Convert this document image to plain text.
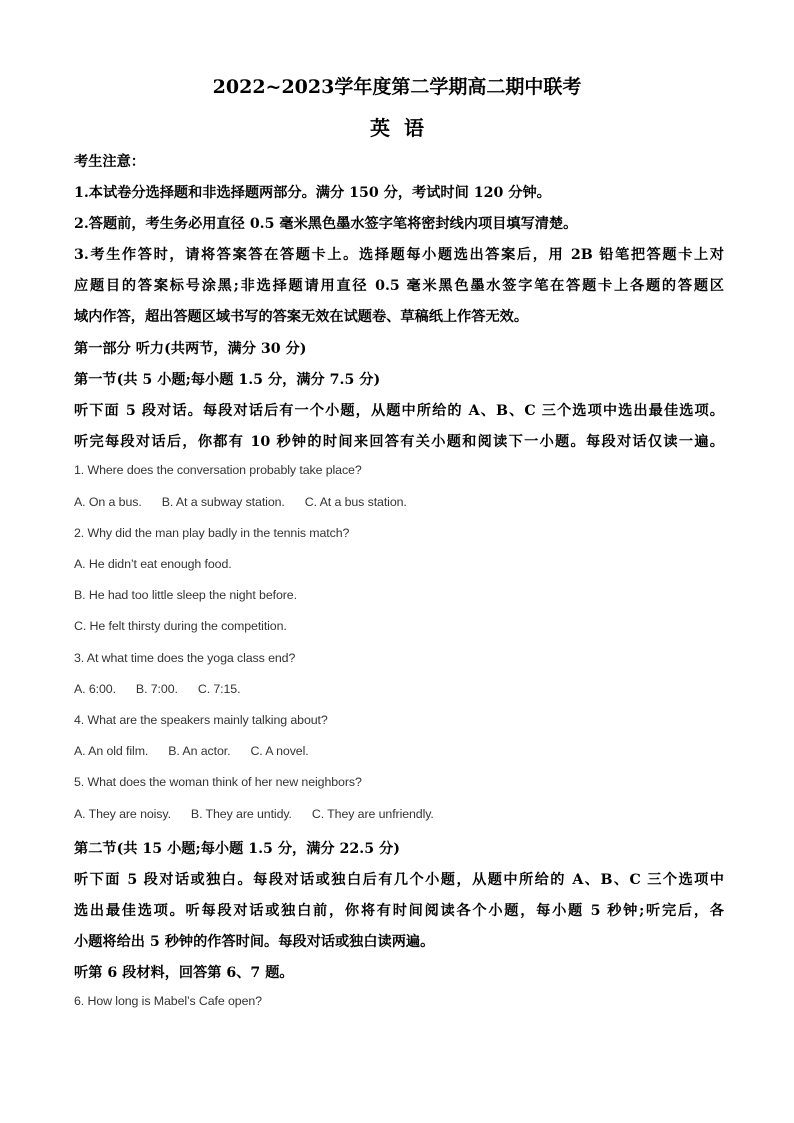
2022~2023学年度第二学期高二期中联考
英语
考生注意：
1.本试卷分选择题和非选择题两部分。满分 150 分，考试时间 120 分钟。
2.答题前，考生务必用直径 0.5 毫米黑色墨水签字笔将密封线内项目填写清楚。
3.考生作答时，请将答案答在答题卡上。选择题每小题选出答案后，用 2B 铅笔把答题卡上对
应题目的答案标号涂黑;非选择题请用直径 0.5 毫米黑色墨水签字笔在答题卡上各题的答题区
域内作答，超出答题区域书写的答案无效在试题卷、草稿纸上作答无效。
第一部分 听力(共两节，满分 30 分)
第一节(共 5 小题;每小题 1.5 分，满分 7.5 分)
听下面 5 段对话。每段对话后有一个小题，从题中所给的 A、B、C 三个选项中选出最佳选项。
听完每段对话后，你都有 10 秒钟的时间来回答有关小题和阅读下一小题。每段对话仅读一遍。
1. Where does the conversation probably take place?
A. On a bus. B. At a subway station. C. At a bus station.
2. Why did the man play badly in the tennis match?
A. He didn’t eat enough food.
B. He had too little sleep the night before.
C. He felt thirsty during the competition.
3. At what time does the yoga class end?
A. 6:00. B. 7:00. C. 7:15.
4. What are the speakers mainly talking about?
A. An old film. B. An actor. C. A novel.
5. What does the woman think of her new neighbors?
A. They are noisy. B. They are untidy. C. They are unfriendly.
第二节(共 15 小题;每小题 1.5 分，满分 22.5 分)
听下面 5 段对话或独白。每段对话或独白后有几个小题，从题中所给的 A、B、C 三个选项中
选出最佳选项。听每段对话或独白前，你将有时间阅读各个小题，每小题 5 秒钟;听完后，各
小题将给出 5 秒钟的作答时间。每段对话或独白读两遍。
听第 6 段材料，回答第 6、7 题。
6. How long is Mabel’s Cafe open?
